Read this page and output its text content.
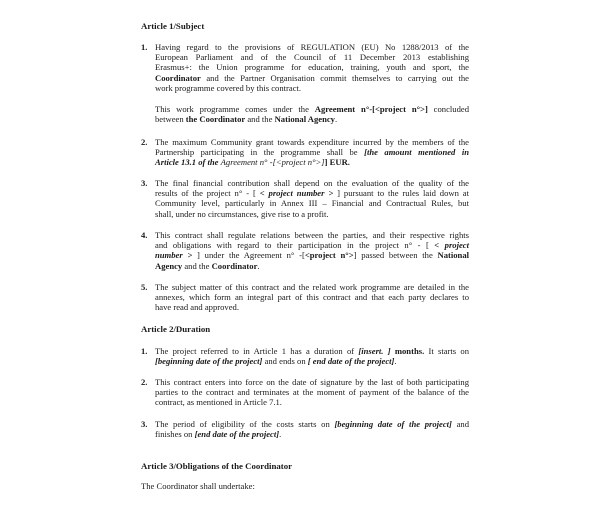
Article 1/Subject
1. Having regard to the provisions of REGULATION (EU) No 1288/2013 of the
European Parliament and of the Council of 11 December 2013 establishing
Erasmus+: the Union programme for education, training, youth and sport, the
Coordinator and the Partner Organisation commit themselves to carrying out the
work programme covered by this contract.
This work programme comes under the Agreement n°-[<project n°>] concluded
between the Coordinator and the National Agency.
2. The maximum Community grant towards expenditure incurred by the members of the
Partnership participating in the programme shall be [the amount mentioned in
Article 13.1 of the Agreement n° -[<project n°>]] EUR.
3. The final financial contribution shall depend on the evaluation of the quality of the
results of the project n° - [ < project number > ] pursuant to the rules laid down at
Community level, particularly in Annex III – Financial and Contractual Rules, but
shall, under no circumstances, give rise to a profit.
4. This contract shall regulate relations between the parties, and their respective rights
and obligations with regard to their participation in the project n° - [ < project
number > ] under the Agreement n° -[<project n°>] passed between the National
Agency and the Coordinator.
5. The subject matter of this contract and the related work programme are detailed in the
annexes, which form an integral part of this contract and that each party declares to
have read and approved.
Article 2/Duration
1. The project referred to in Article 1 has a duration of [insert. ] months. It starts on
[beginning date of the project] and ends on [ end date of the project].
2. This contract enters into force on the date of signature by the last of both participating
parties to the contract and terminates at the moment of payment of the balance of the
contract, as mentioned in Article 7.1.
3. The period of eligibility of the costs starts on [beginning date of the project] and
finishes on [end date of the project].
Article 3/Obligations of the Coordinator
The Coordinator shall undertake:
